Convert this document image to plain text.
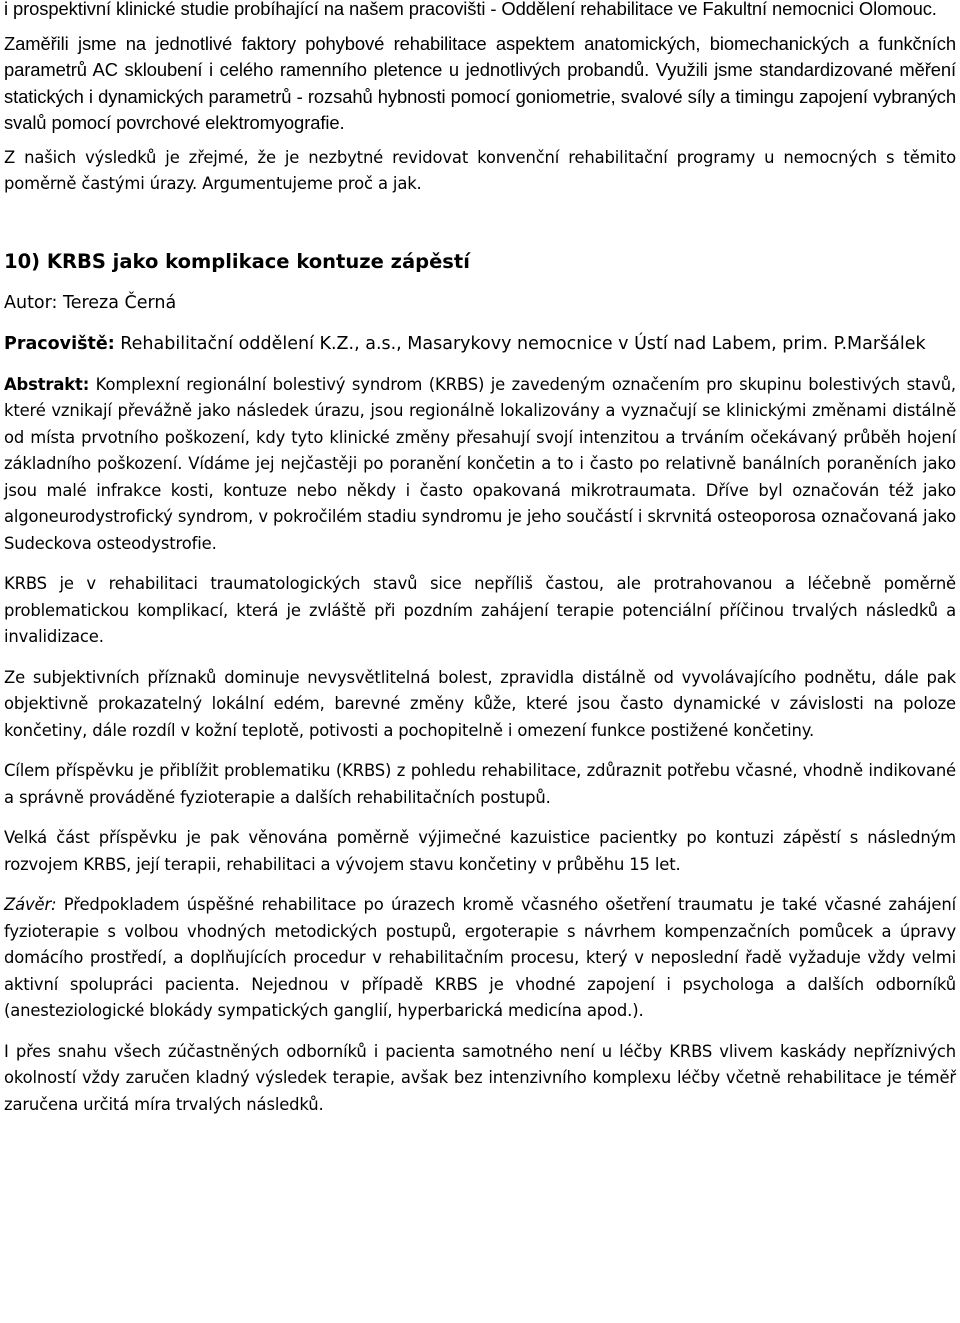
i prospektivní klinické studie probíhající na našem pracovišti - Oddělení rehabilitace ve Fakultní nemocnici Olomouc.

Zaměřili jsme na jednotlivé faktory pohybové rehabilitace aspektem anatomických, biomechanických a funkčních parametrů AC skloubení i celého ramenního pletence u jednotlivých probandů. Využili jsme standardizované měření statických i dynamických parametrů - rozsahů hybnosti pomocí goniometrie, svalové síly a timingu zapojení vybraných svalů pomocí povrchové elektromyografie.

Z našich výsledků je zřejmé, že je nezbytné revidovat konvenční rehabilitační programy u nemocných s těmito poměrně častými úrazy. Argumentujeme proč a jak.

10) KRBS jako komplikace kontuze zápěstí

Autor: Tereza Černá

Pracoviště: Rehabilitační oddělení K.Z., a.s., Masarykovy nemocnice v Ústí nad Labem, prim. P.Maršálek

Abstrakt: Komplexní regionální bolestivý syndrom (KRBS) je zavedeným označením pro skupinu bolestivých stavů, které vznikají převážně jako následek úrazu, jsou regionálně lokalizovány a vyznačují se klinickými změnami distálně od místa prvotního poškození, kdy tyto klinické změny přesahují svojí intenzitou a trváním očekávaný průběh hojení základního poškození. Vídáme jej nejčastěji po poranění končetin a to i často po relativně banálních poraněních jako jsou malé infrakce kosti, kontuze nebo někdy i často opakovaná mikrotraumata. Dříve byl označován též jako algoneurodystrofický syndrom, v pokročilém stadiu syndromu je jeho součástí i skrvnitá osteoporosa označovaná jako Sudeckova osteodystrofie.

KRBS je v rehabilitaci traumatologických stavů sice nepříliš častou, ale protrahovanou a léčebně poměrně problematickou komplikací, která je zvláště při pozdním zahájení terapie potenciální příčinou trvalých následků a invalidizace.

Ze subjektivních příznaků dominuje nevysvětlitelná bolest, zpravidla distálně od vyvolávajícího podnětu, dále pak objektivně prokazatelný lokální edém, barevné změny kůže, které jsou často dynamické v závislosti na poloze končetiny, dále rozdíl v kožní teplotě, potivosti a pochopitelně i omezení funkce postižené končetiny.

Cílem příspěvku je přiblížit problematiku (KRBS) z pohledu rehabilitace, zdůraznit potřebu včasné, vhodně indikované a správně prováděné fyzioterapie a dalších rehabilitačních postupů.

Velká část příspěvku je pak věnována poměrně výjimečné kazuistice pacientky po kontuzi zápěstí s následným rozvojem KRBS, její terapii, rehabilitaci a vývojem stavu končetiny v průběhu 15 let.

Závěr: Předpokladem úspěšné rehabilitace po úrazech kromě včasného ošetření traumatu je také včasné zahájení fyzioterapie s volbou vhodných metodických postupů, ergoterapie s návrhem kompenzačních pomůcek a úpravy domácího prostředí, a doplňujících procedur v rehabilitačním procesu, který v neposlední řadě vyžaduje vždy velmi aktivní spolupráci pacienta. Nejednou v případě KRBS je vhodné zapojení i psychologa a dalších odborníků (anesteziologické blokády sympatických ganglií, hyperbarická medicína apod.).

I přes snahu všech zúčastněných odborníků i pacienta samotného není u léčby KRBS vlivem kaskády nepříznivých okolností vždy zaručen kladný výsledek terapie, avšak bez intenzivního komplexu léčby včetně rehabilitace je téměř zaručena určitá míra trvalých následků.
